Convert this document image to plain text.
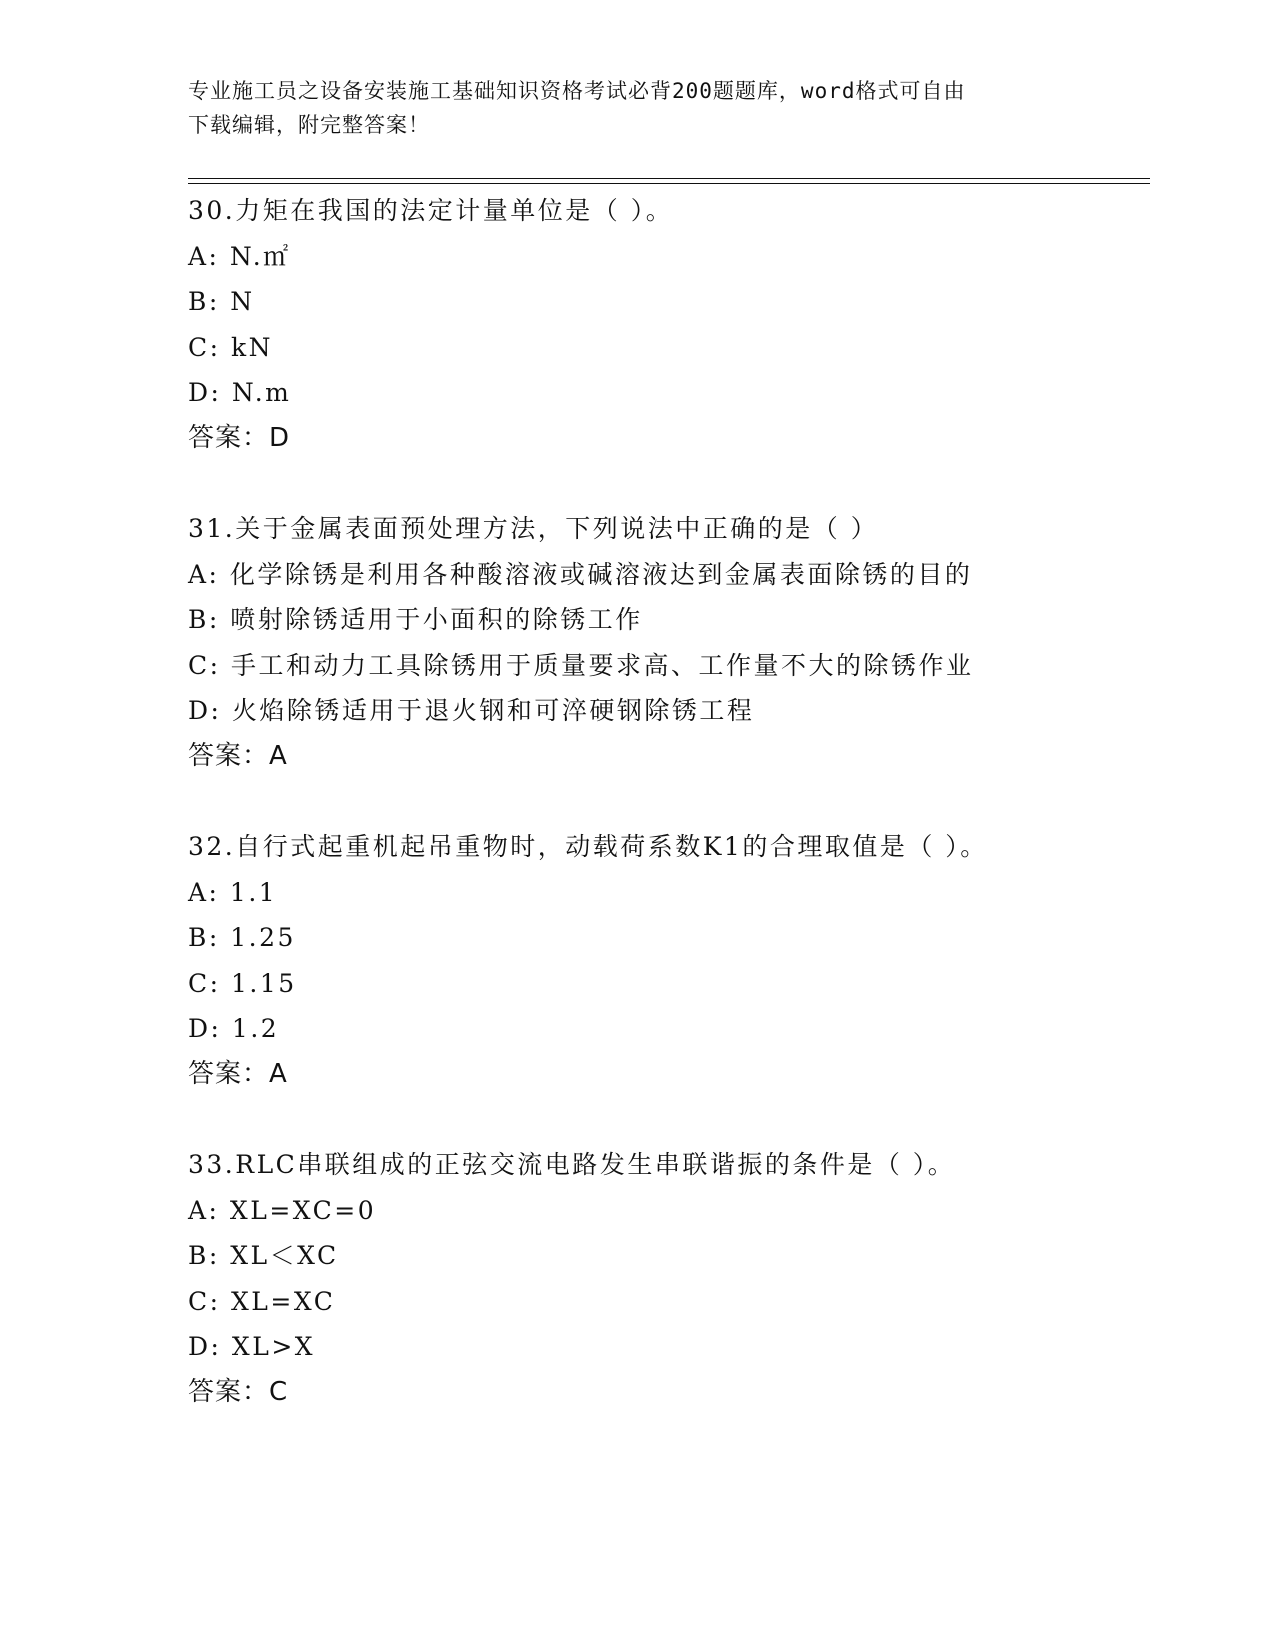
专业施工员之设备安装施工基础知识资格考试必背200题题库，word格式可自由
下载编辑，附完整答案！
30.力矩在我国的法定计量单位是（ ）。
A: N.㎡
B: N
C: kN
D: N.m
答案：D
31.关于金属表面预处理方法，下列说法中正确的是（ ）
A: 化学除锈是利用各种酸溶液或碱溶液达到金属表面除锈的目的
B: 喷射除锈适用于小面积的除锈工作
C: 手工和动力工具除锈用于质量要求高、工作量不大的除锈作业
D: 火焰除锈适用于退火钢和可淬硬钢除锈工程
答案：A
32.自行式起重机起吊重物时，动载荷系数K1的合理取值是（ ）。
A: 1.1
B: 1.25
C: 1.15
D: 1.2
答案：A
33.RLC串联组成的正弦交流电路发生串联谐振的条件是（ ）。
A: XL=XC=0
B: XL＜XC
C: XL=XC
D: XL>X
答案：C
